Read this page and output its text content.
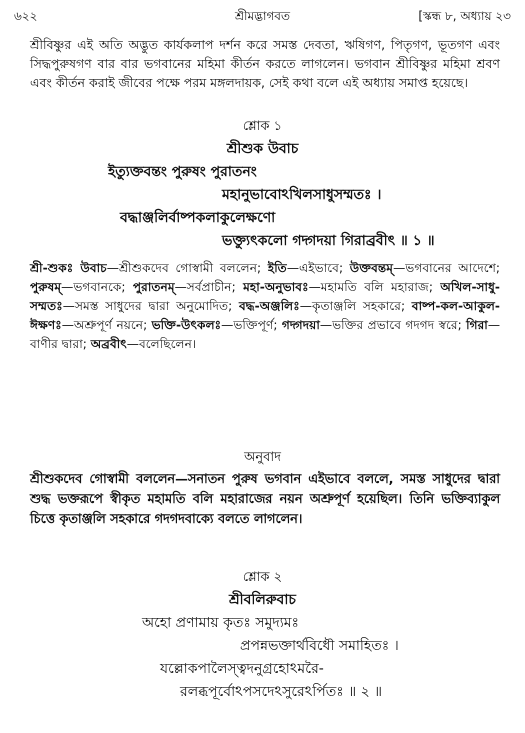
৬২২	শ্রীমদ্ভাগবত	[স্কন্ধ ৮, অধ্যায় ২৩
শ্রীবিষ্ণুর এই অতি অদ্ভুত কার্যকলাপ দর্শন করে সমস্ত দেবতা, ঋষিগণ, পিতৃগণ, ভূতগণ এবং সিদ্ধপুরুষগণ বার বার ভগবানের মহিমা কীর্তন করতে লাগলেন। ভগবান শ্রীবিষ্ণুর মহিমা শ্রবণ এবং কীর্তন করাই জীবের পক্ষে পরম মঙ্গলদায়ক, সেই কথা বলে এই অধ্যায় সমাপ্ত হয়েছে।
শ্লোক ১
শ্রীশুক উবাচ
ইত্যুক্তবন্তং পুরুষং পুরাতনং
মহানুভাবোঽখিলসাধুসম্মতঃ ।
বদ্ধাঞ্জলির্বাষ্পকলাকুলেক্ষণো
ভক্ত্যুৎকলো গদ্গদয়া গিরাব্রবীৎ ॥ ১ ॥
শ্রী-শুকঃ উবাচ—শ্রীশুকদেব গোস্বামী বললেন; ইতি—এইভাবে; উক্তবন্তম্—ভগবানের আদেশে; পুরুষম্—ভগবানকে; পুরাতনম্—সর্বপ্রাচীন; মহা-অনুভাবঃ—মহামতি বলি মহারাজ; অখিল-সাধু-সম্মতঃ—সমস্ত সাধুদের দ্বারা অনুমোদিত; বদ্ধ-অঞ্জলিঃ—কৃতাঞ্জলি সহকারে; বাষ্প-কল-আকুল-ঈক্ষণঃ—অশ্রুপূর্ণ নয়নে; ভক্তি-উৎকলঃ—ভক্তিপূর্ণ; গদ্গদয়া—ভক্তির প্রভাবে গদগদ স্বরে; গিরা—বাণীর দ্বারা; অব্রবীৎ—বলেছিলেন।
অনুবাদ
শ্রীশুকদেব গোস্বামী বললেন—সনাতন পুরুষ ভগবান এইভাবে বললে, সমস্ত সাধুদের দ্বারা শুদ্ধ ভক্তরূপে স্বীকৃত মহামতি বলি মহারাজের নয়ন অশ্রুপূর্ণ হয়েছিল। তিনি ভক্তিব্যাকুল চিত্তে কৃতাঞ্জলি সহকারে গদগদবাক্যে বলতে লাগলেন।
শ্লোক ২
শ্রীবলিরুবাচ
অহো প্রণামায় কৃতঃ সমুদ্যমঃ
প্রপন্নভক্তার্থবিধৌ সমাহিতঃ ।
যল্লোকপালৈস্ত্বদনুগ্রহোঽমরৈ-
রলব্ধপূর্বোঽপসদেঽসুরেঽর্পিতঃ ॥ ২ ॥
